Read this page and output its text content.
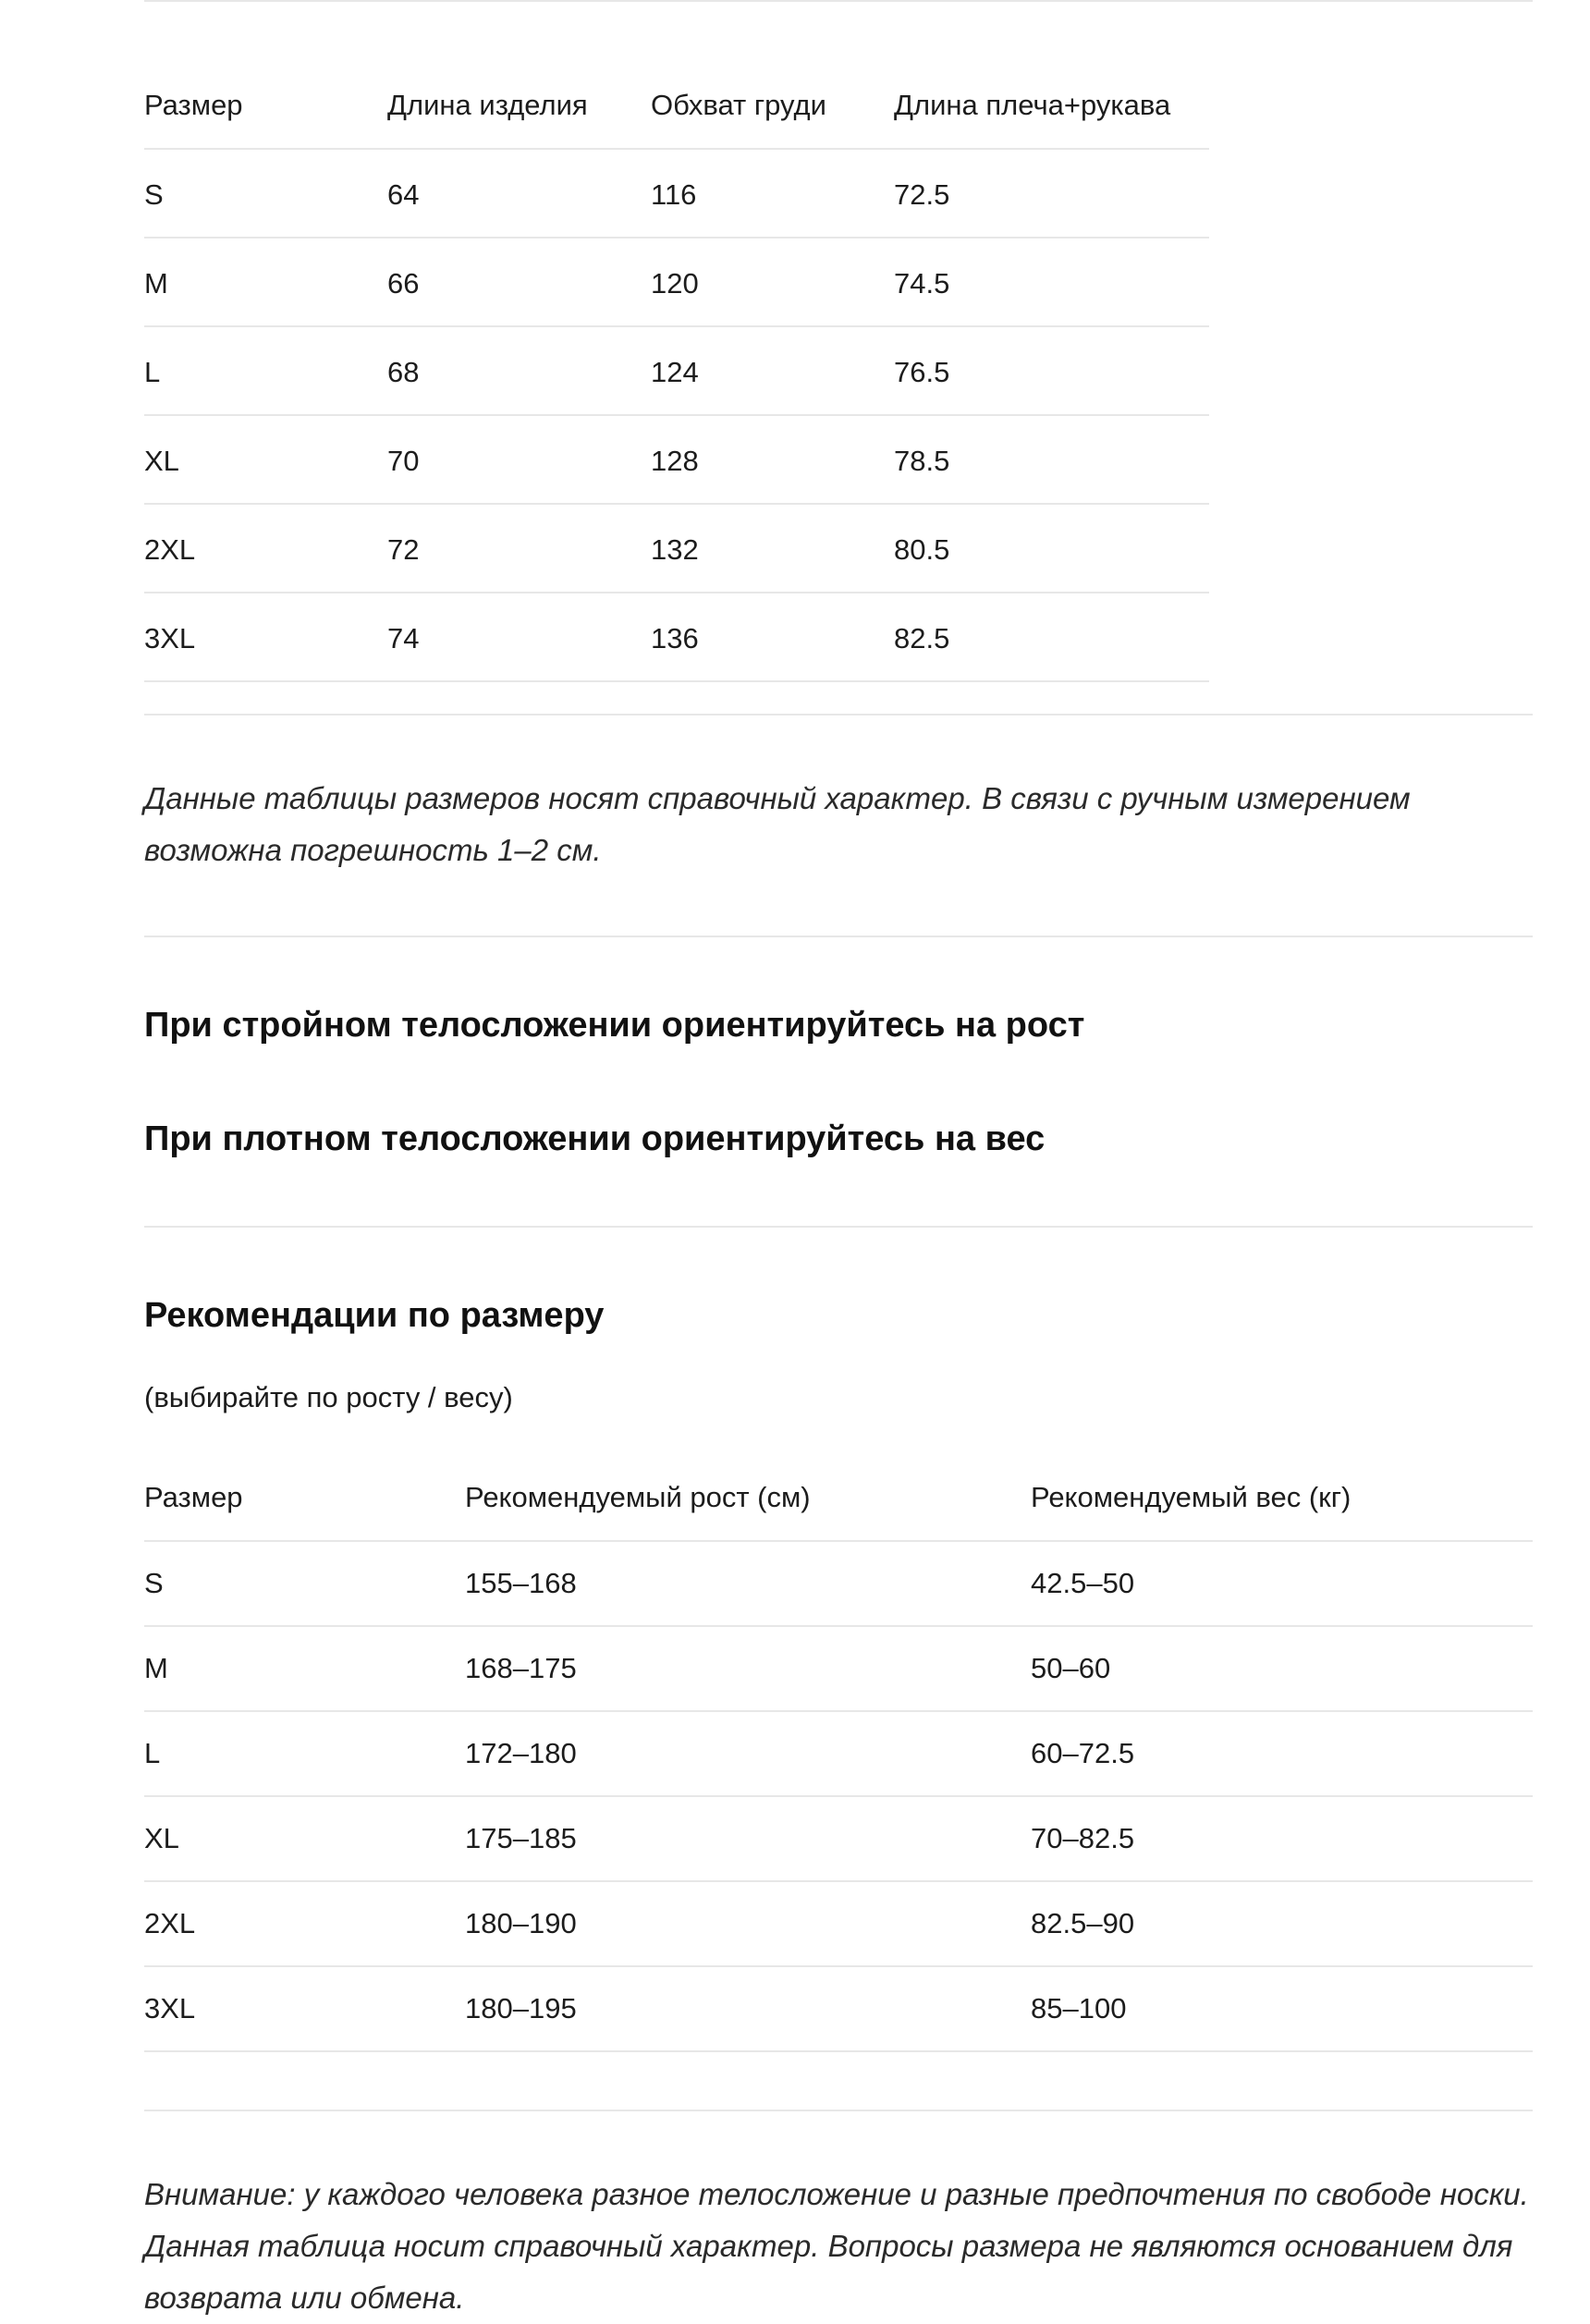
Размер	Длина изделия	Обхват груди	Длина плеча+рукава
S	64	116	72.5
M	66	120	74.5
L	68	124	76.5
XL	70	128	78.5
2XL	72	132	80.5
3XL	74	136	82.5

Данные таблицы размеров носят справочный характер. В связи с ручным измерением возможна погрешность 1–2 см.

При стройном телосложении ориентируйтесь на рост
При плотном телосложении ориентируйтесь на вес
Рекомендации по размеру

(выбирайте по росту / весу)

Размер	Рекомендуемый рост (см)	Рекомендуемый вес (кг)
S	155–168	42.5–50
M	168–175	50–60
L	172–180	60–72.5
XL	175–185	70–82.5
2XL	180–190	82.5–90
3XL	180–195	85–100

Внимание: у каждого человека разное телосложение и разные предпочтения по свободе носки. Данная таблица носит справочный характер. Вопросы размера не являются основанием для возврата или обмена.
